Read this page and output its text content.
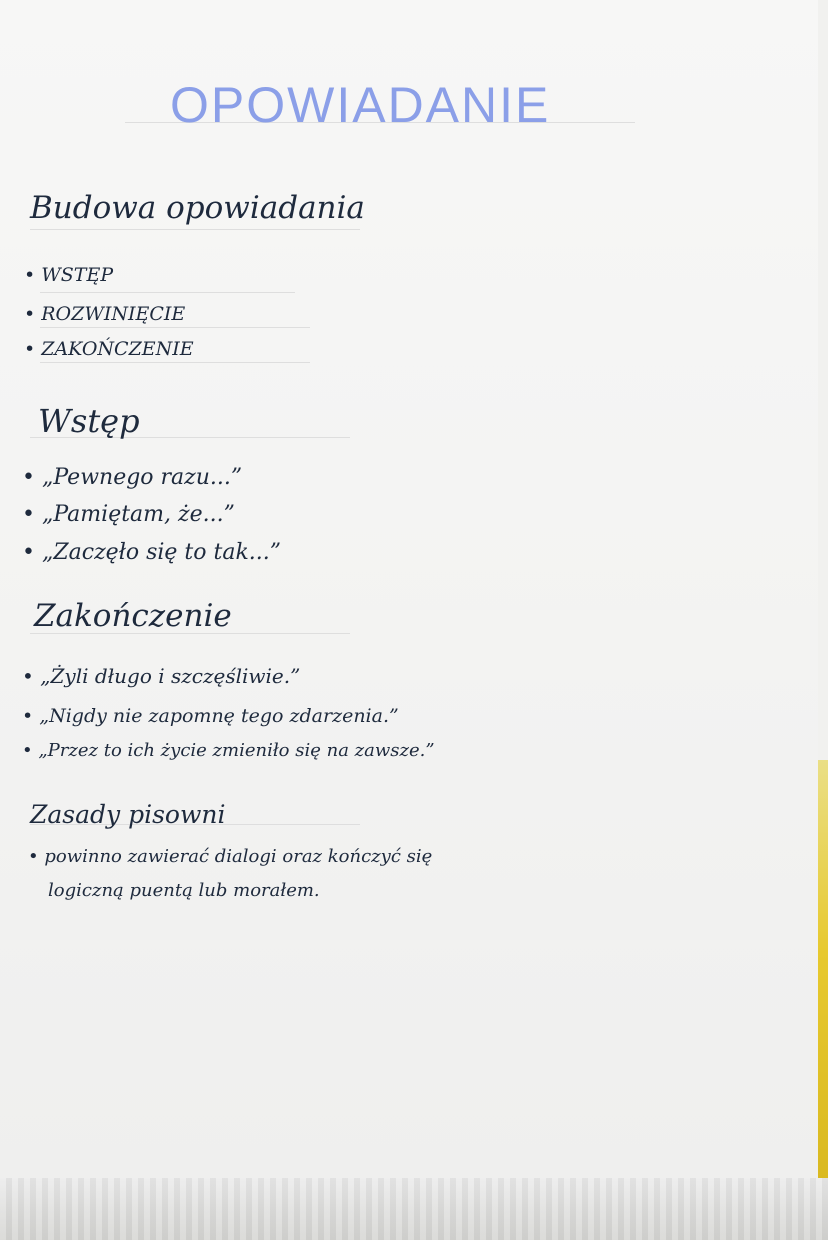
OPOWIADANIE
Budowa opowiadania
• WSTĘP
• ROZWINIĘCIE
• ZAKOŃCZENIE
Wstęp
• „Pewnego razu...”
• „Pamiętam, że...”
• „Zaczęło się to tak...”
Zakończenie
• „Żyli długo i szczęśliwie.”
• „Nigdy nie zapomnę tego zdarzenia.”
• „Przez to ich życie zmieniło się na zawsze.”
Zasady pisowni
• powinno zawierać dialogi oraz kończyć się
logiczną puentą lub morałem.
